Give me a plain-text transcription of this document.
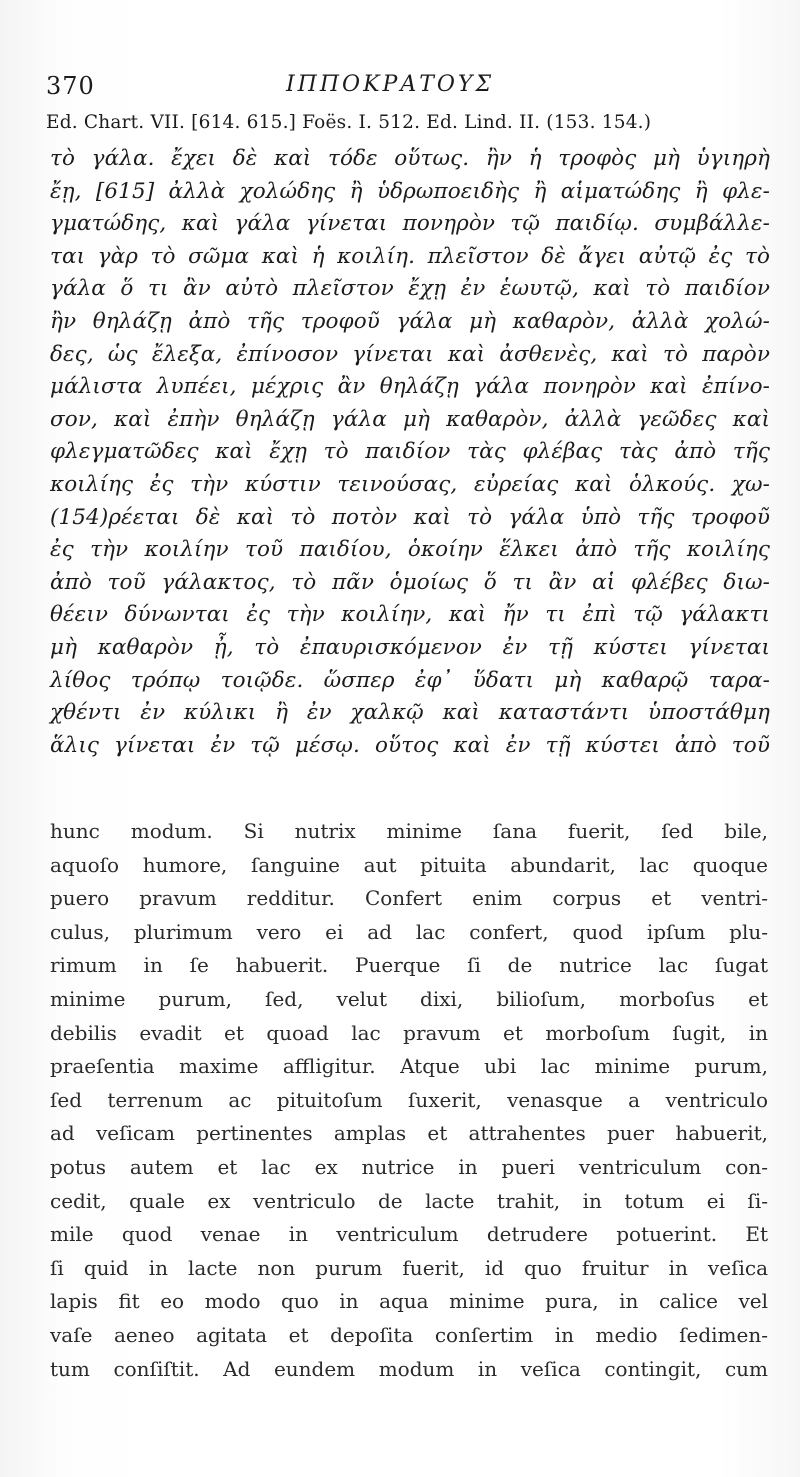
370	ΙΠΠΟΚΡΑΤΟΥΣ
Ed. Chart. VII. [614. 615.] Foës. I. 512. Ed. Lind. II. (153. 154.)
τὸ γάλα. ἔχει δὲ καὶ τόδε οὕτως. ἢν ἡ τροφὸς μὴ ὑγιηρὴ
ἔῃ, [615] ἀλλὰ χολώδης ἢ ὑδρωποειδὴς ἢ αἱματώδης ἢ φλε-
γματώδης, καὶ γάλα γίνεται πονηρὸν τῷ παιδίῳ. συμβάλλε-
ται γὰρ τὸ σῶμα καὶ ἡ κοιλίη. πλεῖστον δὲ ἄγει αὐτῷ ἐς τὸ
γάλα ὅ τι ἂν αὐτὸ πλεῖστον ἔχῃ ἐν ἑωυτῷ, καὶ τὸ παιδίον
ἢν θηλάζῃ ἀπὸ τῆς τροφοῦ γάλα μὴ καθαρὸν, ἀλλὰ χολώ-
δες, ὡς ἔλεξα, ἐπίνοσον γίνεται καὶ ἀσθενὲς, καὶ τὸ παρὸν
μάλιστα λυπέει, μέχρις ἂν θηλάζῃ γάλα πονηρὸν καὶ ἐπίνο-
σον, καὶ ἐπὴν θηλάζῃ γάλα μὴ καθαρὸν, ἀλλὰ γεῶδες καὶ
φλεγματῶδες καὶ ἔχῃ τὸ παιδίον τὰς φλέβας τὰς ἀπὸ τῆς
κοιλίης ἐς τὴν κύστιν τεινούσας, εὐρείας καὶ ὁλκούς. χω-
(154)ρέεται δὲ καὶ τὸ ποτὸν καὶ τὸ γάλα ὑπὸ τῆς τροφοῦ
ἐς τὴν κοιλίην τοῦ παιδίου, ὁκοίην ἕλκει ἀπὸ τῆς κοιλίης
ἀπὸ τοῦ γάλακτος, τὸ πᾶν ὁμοίως ὅ τι ἂν αἱ φλέβες διω-
θέειν δύνωνται ἐς τὴν κοιλίην, καὶ ἤν τι ἐπὶ τῷ γάλακτι
μὴ καθαρὸν ᾖ, τὸ ἐπαυρισκόμενον ἐν τῇ κύστει γίνεται
λίθος τρόπῳ τοιῷδε. ὥσπερ ἐφ᾽ ὕδατι μὴ καθαρῷ ταρα-
χθέντι ἐν κύλικι ἢ ἐν χαλκῷ καὶ καταστάντι ὑποστάθμη
ἅλις γίνεται ἐν τῷ μέσῳ. οὕτος καὶ ἐν τῇ κύστει ἀπὸ τοῦ
hunc modum. Si nutrix minime ſana fuerit, ſed bile,
aquoſo humore, ſanguine aut pituita abundarit, lac quoque
puero pravum redditur. Confert enim corpus et ventri-
culus, plurimum vero ei ad lac confert, quod ipſum plu-
rimum in ſe habuerit. Puerque ſi de nutrice lac ſugat
minime purum, ſed, velut dixi, bilioſum, morboſus et
debilis evadit et quoad lac pravum et morboſum ſugit, in
praeſentia maxime affligitur. Atque ubi lac minime purum,
ſed terrenum ac pituitoſum ſuxerit, venasque a ventriculo
ad veſicam pertinentes amplas et attrahentes puer habuerit,
potus autem et lac ex nutrice in pueri ventriculum con-
cedit, quale ex ventriculo de lacte trahit, in totum ei ſi-
mile quod venae in ventriculum detrudere potuerint. Et
ſi quid in lacte non purum fuerit, id quo fruitur in veſica
lapis fit eo modo quo in aqua minime pura, in calice vel
vaſe aeneo agitata et depoſita conſertim in medio ſedimen-
tum conſiſtit. Ad eundem modum in veſica contingit, cum
